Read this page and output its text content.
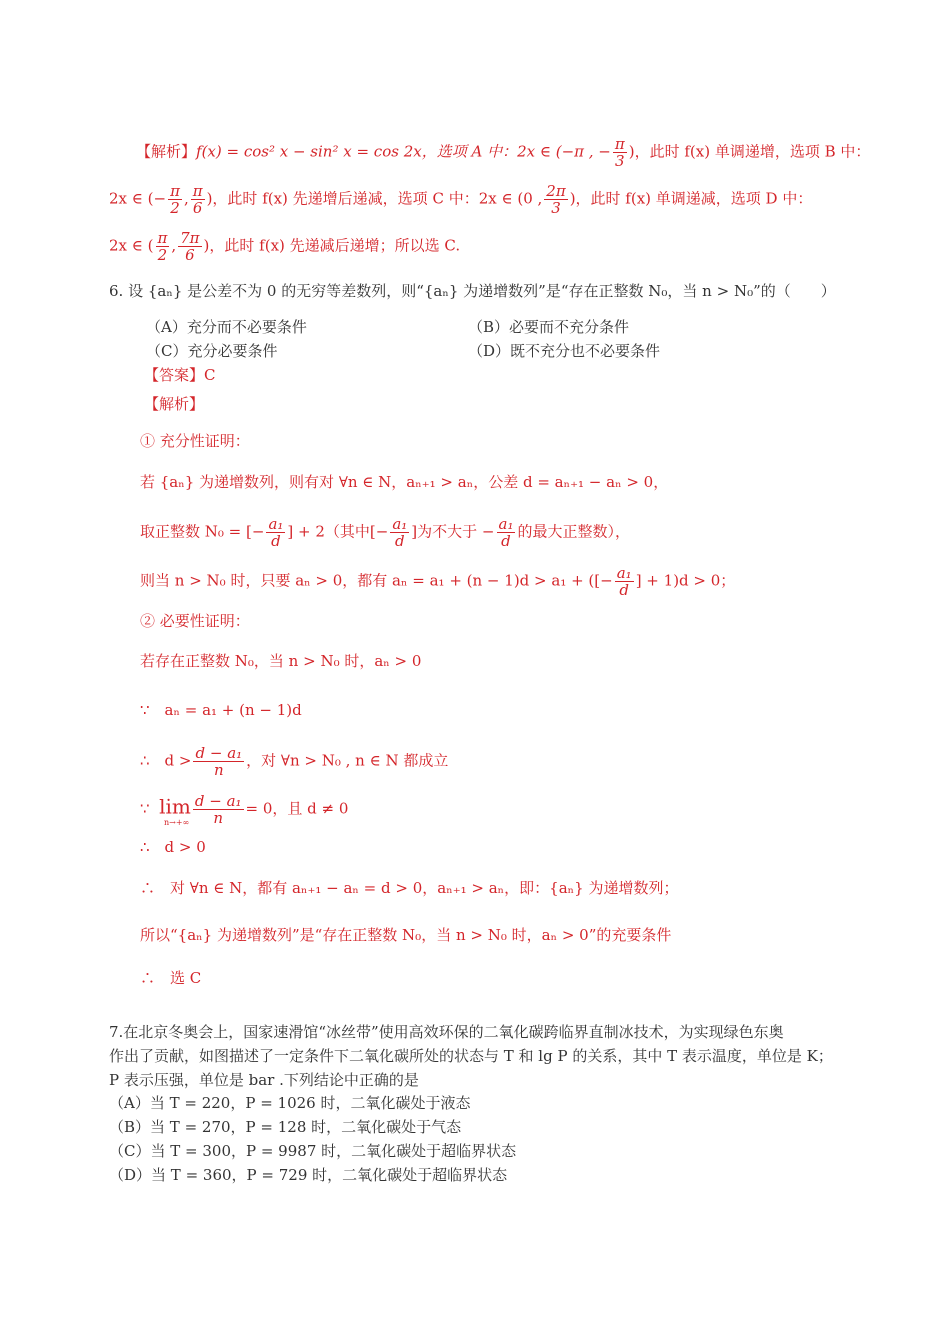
【解析】f(x) = cos² x − sin² x = cos 2x，选项 A 中：2x ∈ (−π , − $\frac{\pi}{3}$ )，此时 f(x) 单调递增，选项 B 中：
2x ∈ (− $\frac{\pi}{2}$ , $\frac{\pi}{6}$ )，此时 f(x) 先递增后递减，选项 C 中：2x ∈ (0 , $\frac{2\pi}{3}$ )，此时 f(x) 单调递减，选项 D 中：
2x ∈ ( $\frac{\pi}{2}$ , $\frac{7\pi}{6}$ )，此时 f(x) 先递减后递增；所以选 C.
6. 设 {aₙ} 是公差不为 0 的无穷等差数列，则“{aₙ} 为递增数列”是“存在正整数 N₀，当 n > N₀”的（　　）
（A）充分而不必要条件	（B）必要而不充分条件
（C）充分必要条件	（D）既不充分也不必要条件
【答案】C
【解析】
① 充分性证明：
若 {aₙ} 为递增数列，则有对 ∀n ∈ N，aₙ₊₁ > aₙ，公差 d = aₙ₊₁ − aₙ > 0，
取正整数 N₀ = [− $\frac{\text{a₁}}{d}$ ] + 2（其中[− $\frac{\text{a₁}}{d}$ ]为不大于 − $\frac{\text{a₁}}{d}$ 的最大正整数），
则当 n > N₀ 时，只要 aₙ > 0，都有 aₙ = a₁ + (n − 1)d > a₁ + ([− $\frac{\text{a₁}}{d}$ ] + 1)d > 0；
② 必要性证明：
若存在正整数 N₀，当 n > N₀ 时，aₙ > 0
∵　aₙ = a₁ + (n − 1)d
∴　$d > \frac{\text{d − a₁}}{n}$ ，对 ∀n > N₀ , n ∈ N 都成立
∵ $\lim \frac{\text{d − a₁}}{n} = 0$，且 d ≠ 0
n→+∞
∴　d > 0
∴　对 ∀n ∈ N，都有 aₙ₊₁ − aₙ = d > 0，aₙ₊₁ > aₙ，即：{aₙ} 为递增数列；
所以“{aₙ} 为递增数列”是“存在正整数 N₀，当 n > N₀ 时，aₙ > 0”的充要条件
∴　选 C
7.在北京冬奥会上，国家速滑馆“冰丝带”使用高效环保的二氧化碳跨临界直制冰技术，为实现绿色东奥
作出了贡献，如图描述了一定条件下二氧化碳所处的状态与 T 和 lg P 的关系，其中 T 表示温度，单位是 K；
P 表示压强，单位是 bar .下列结论中正确的是
（A）当 T = 220，P = 1026 时，二氧化碳处于液态
（B）当 T = 270，P = 128 时，二氧化碳处于气态
（C）当 T = 300，P = 9987 时，二氧化碳处于超临界状态
（D）当 T = 360，P = 729 时，二氧化碳处于超临界状态
